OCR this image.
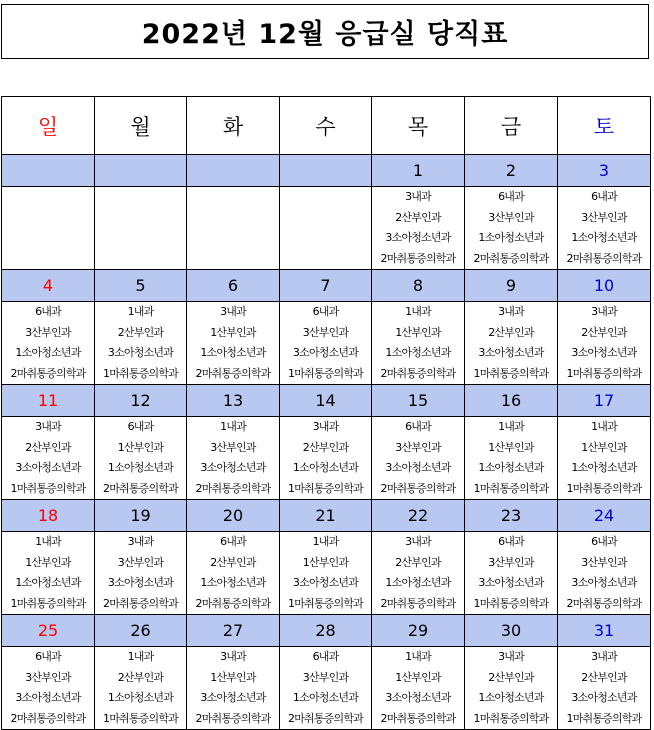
2022년 12월 응급실 당직표
일	월	화	수	목	금	토
				1	2	3

				3내과
2산부인과
3소아청소년과
2마취통증의학과	6내과
3산부인과
1소아청소년과
2마취통증의학과	6내과
3산부인과
1소아청소년과
2마취통증의학과

4	5	6	7	8	9	10

6내과
3산부인과
1소아청소년과
2마취통증의학과	1내과
2산부인과
3소아청소년과
1마취통증의학과	3내과
1산부인과
1소아청소년과
2마취통증의학과	6내과
3산부인과
3소아청소년과
1마취통증의학과	1내과
1산부인과
1소아청소년과
2마취통증의학과	3내과
2산부인과
3소아청소년과
1마취통증의학과	3내과
2산부인과
3소아청소년과
1마취통증의학과

11	12	13	14	15	16	17

3내과
2산부인과
3소아청소년과
1마취통증의학과	6내과
1산부인과
1소아청소년과
2마취통증의학과	1내과
3산부인과
3소아청소년과
2마취통증의학과	3내과
2산부인과
1소아청소년과
1마취통증의학과	6내과
3산부인과
3소아청소년과
2마취통증의학과	1내과
1산부인과
1소아청소년과
1마취통증의학과	1내과
1산부인과
1소아청소년과
1마취통증의학과

18	19	20	21	22	23	24

1내과
1산부인과
1소아청소년과
1마취통증의학과	3내과
3산부인과
3소아청소년과
2마취통증의학과	6내과
2산부인과
1소아청소년과
2마취통증의학과	1내과
1산부인과
3소아청소년과
1마취통증의학과	3내과
2산부인과
1소아청소년과
2마취통증의학과	6내과
3산부인과
3소아청소년과
1마취통증의학과	6내과
3산부인과
3소아청소년과
2마취통증의학과

25	26	27	28	29	30	31

6내과
3산부인과
3소아청소년과
2마취통증의학과	1내과
2산부인과
1소아청소년과
1마취통증의학과	3내과
1산부인과
3소아청소년과
2마취통증의학과	6내과
3산부인과
1소아청소년과
2마취통증의학과	1내과
1산부인과
3소아청소년과
2마취통증의학과	3내과
2산부인과
1소아청소년과
1마취통증의학과	3내과
2산부인과
3소아청소년과
1마취통증의학과
